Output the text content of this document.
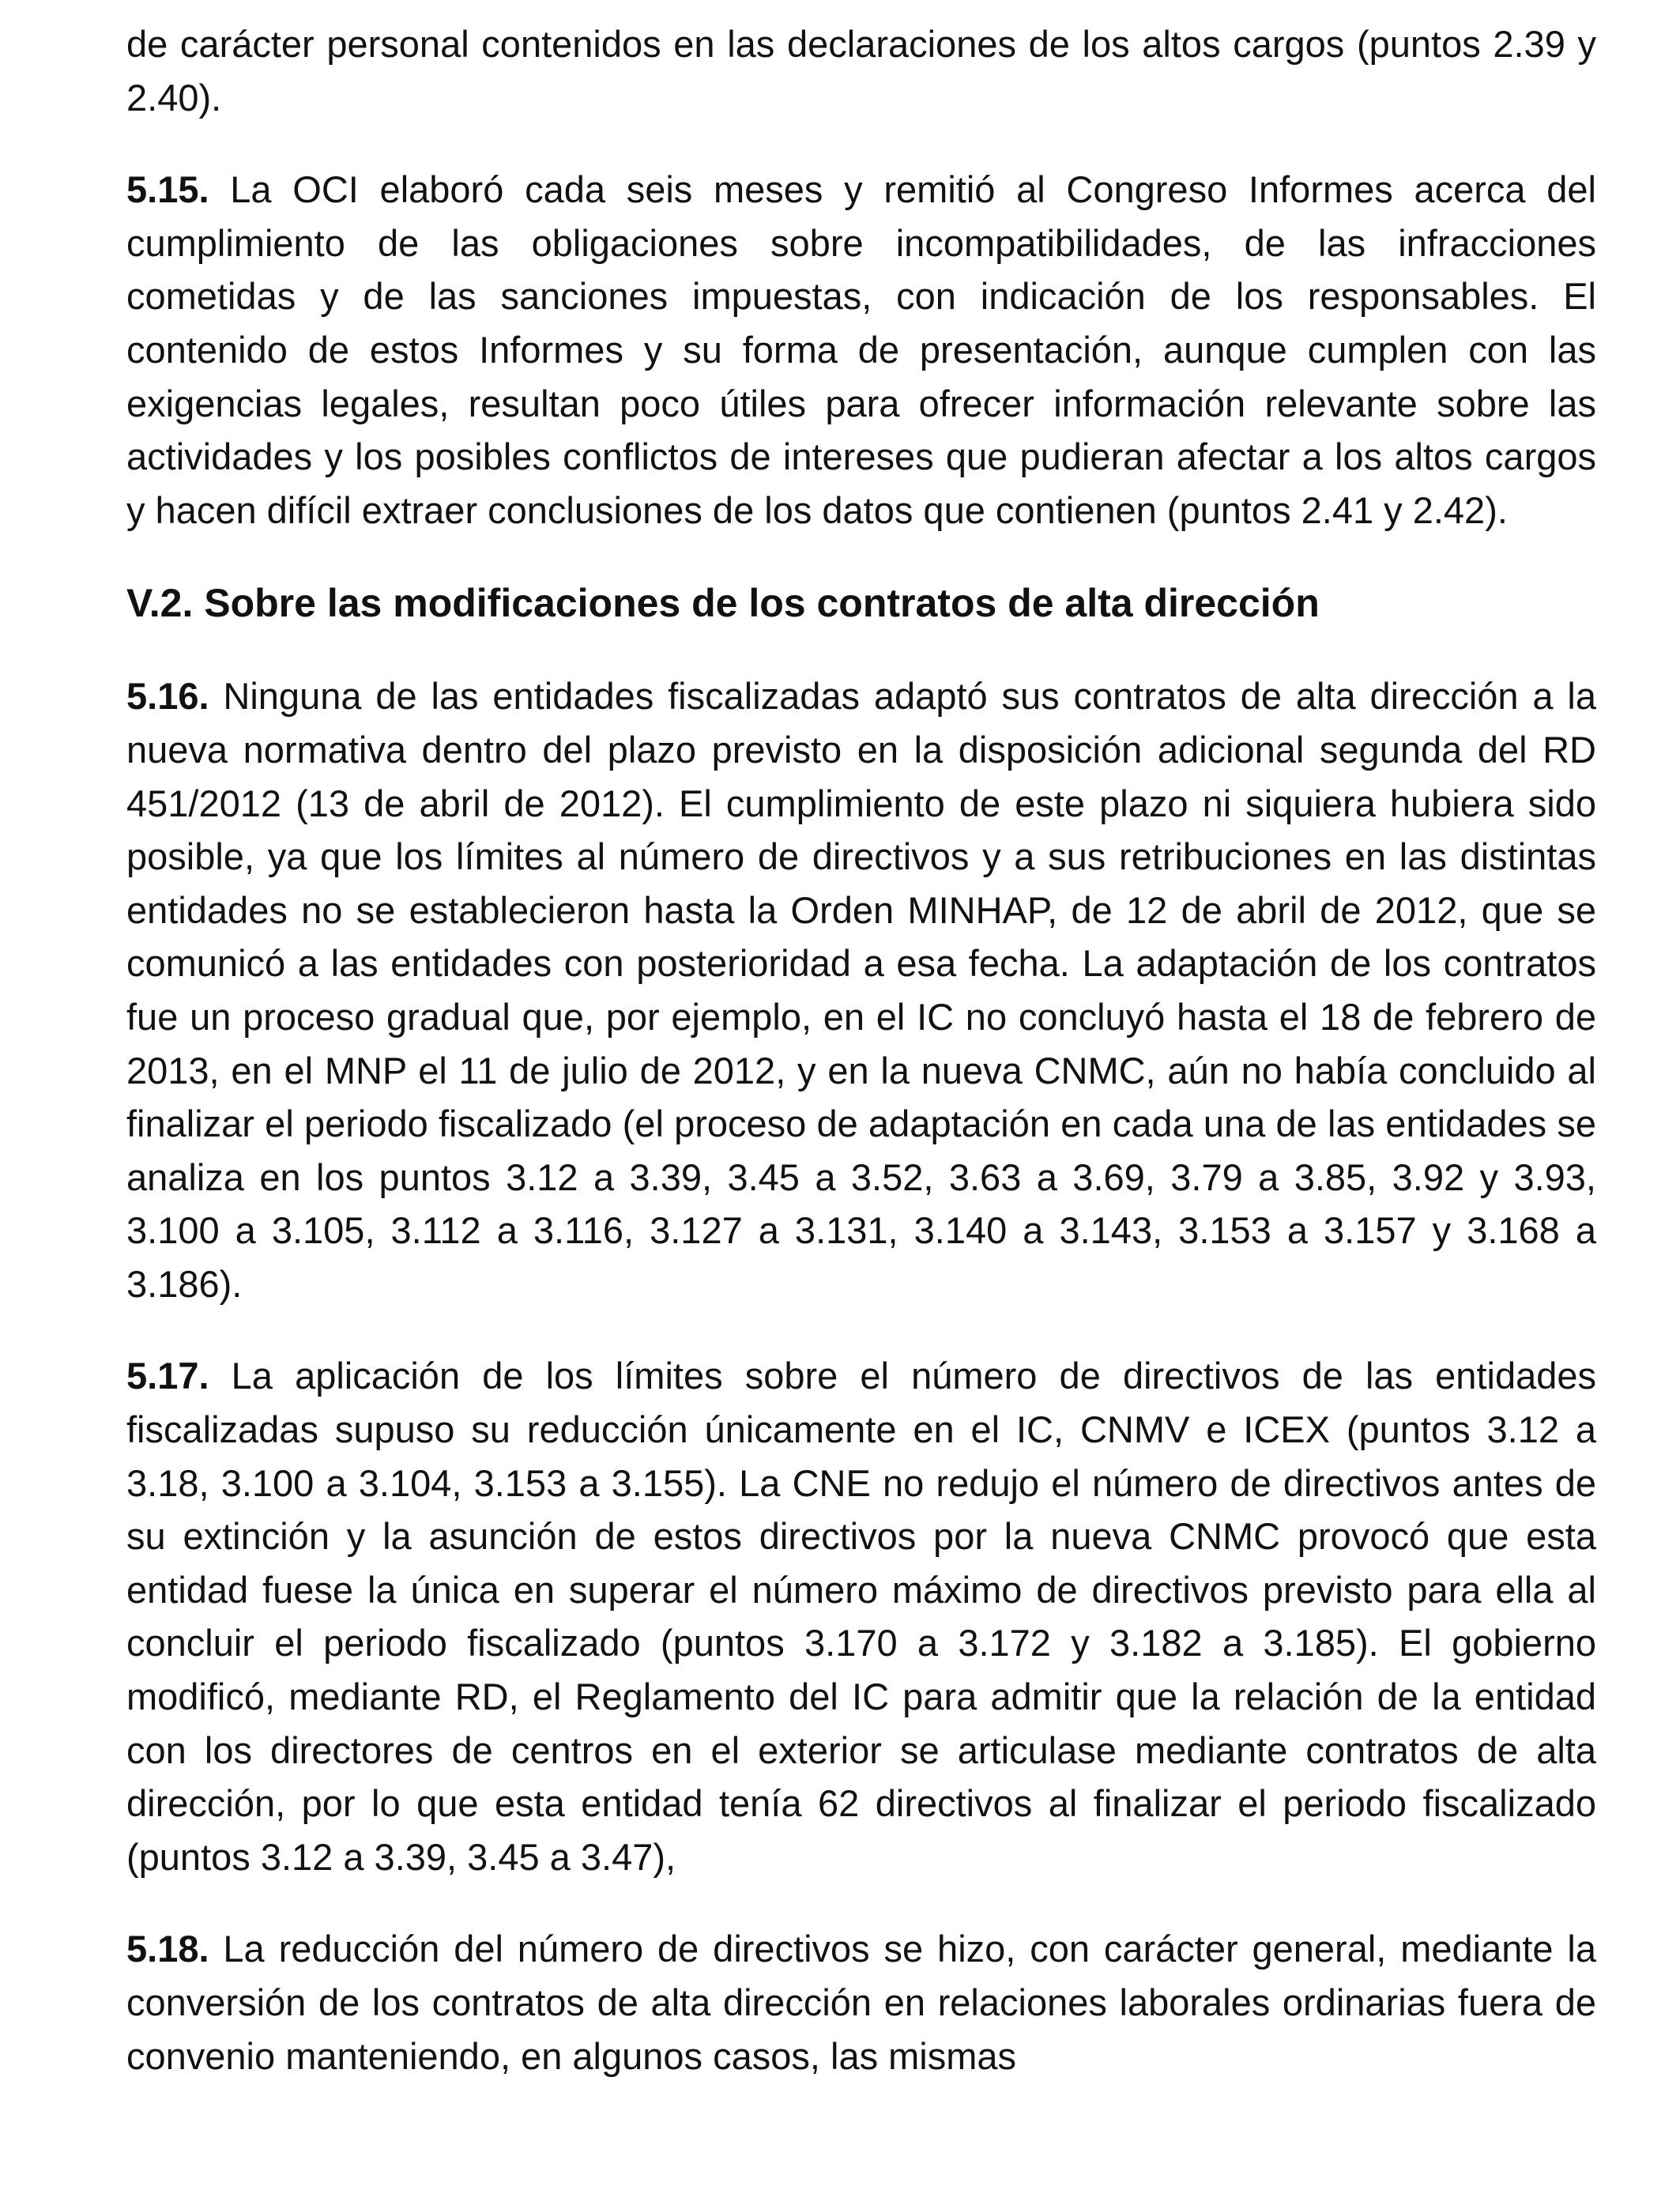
de carácter personal contenidos en las declaraciones de los altos cargos (puntos 2.39 y 2.40).

5.15. La OCI elaboró cada seis meses y remitió al Congreso Informes acerca del cumplimiento de las obligaciones sobre incompatibilidades, de las infracciones cometidas y de las sanciones impuestas, con indicación de los responsables. El contenido de estos Informes y su forma de presentación, aunque cumplen con las exigencias legales, resultan poco útiles para ofrecer información relevante sobre las actividades y los posibles conflictos de intereses que pudieran afectar a los altos cargos y hacen difícil extraer conclusiones de los datos que contienen (puntos 2.41 y 2.42).

V.2. Sobre las modificaciones de los contratos de alta dirección

5.16. Ninguna de las entidades fiscalizadas adaptó sus contratos de alta dirección a la nueva normativa dentro del plazo previsto en la disposición adicional segunda del RD 451/2012 (13 de abril de 2012). El cumplimiento de este plazo ni siquiera hubiera sido posible, ya que los límites al número de directivos y a sus retribuciones en las distintas entidades no se establecieron hasta la Orden MINHAP, de 12 de abril de 2012, que se comunicó a las entidades con posterioridad a esa fecha. La adaptación de los contratos fue un proceso gradual que, por ejemplo, en el IC no concluyó hasta el 18 de febrero de 2013, en el MNP el 11 de julio de 2012, y en la nueva CNMC, aún no había concluido al finalizar el periodo fiscalizado (el proceso de adaptación en cada una de las entidades se analiza en los puntos 3.12 a 3.39, 3.45 a 3.52, 3.63 a 3.69, 3.79 a 3.85, 3.92 y 3.93, 3.100 a 3.105, 3.112 a 3.116, 3.127 a 3.131, 3.140 a 3.143, 3.153 a 3.157 y 3.168 a 3.186).

5.17. La aplicación de los límites sobre el número de directivos de las entidades fiscalizadas supuso su reducción únicamente en el IC, CNMV e ICEX (puntos 3.12 a 3.18, 3.100 a 3.104, 3.153 a 3.155). La CNE no redujo el número de directivos antes de su extinción y la asunción de estos directivos por la nueva CNMC provocó que esta entidad fuese la única en superar el número máximo de directivos previsto para ella al concluir el periodo fiscalizado (puntos 3.170 a 3.172 y 3.182 a 3.185). El gobierno modificó, mediante RD, el Reglamento del IC para admitir que la relación de la entidad con los directores de centros en el exterior se articulase mediante contratos de alta dirección, por lo que esta entidad tenía 62 directivos al finalizar el periodo fiscalizado (puntos 3.12 a 3.39, 3.45 a 3.47),

5.18. La reducción del número de directivos se hizo, con carácter general, mediante la conversión de los contratos de alta dirección en relaciones laborales ordinarias fuera de convenio manteniendo, en algunos casos, las mismas
